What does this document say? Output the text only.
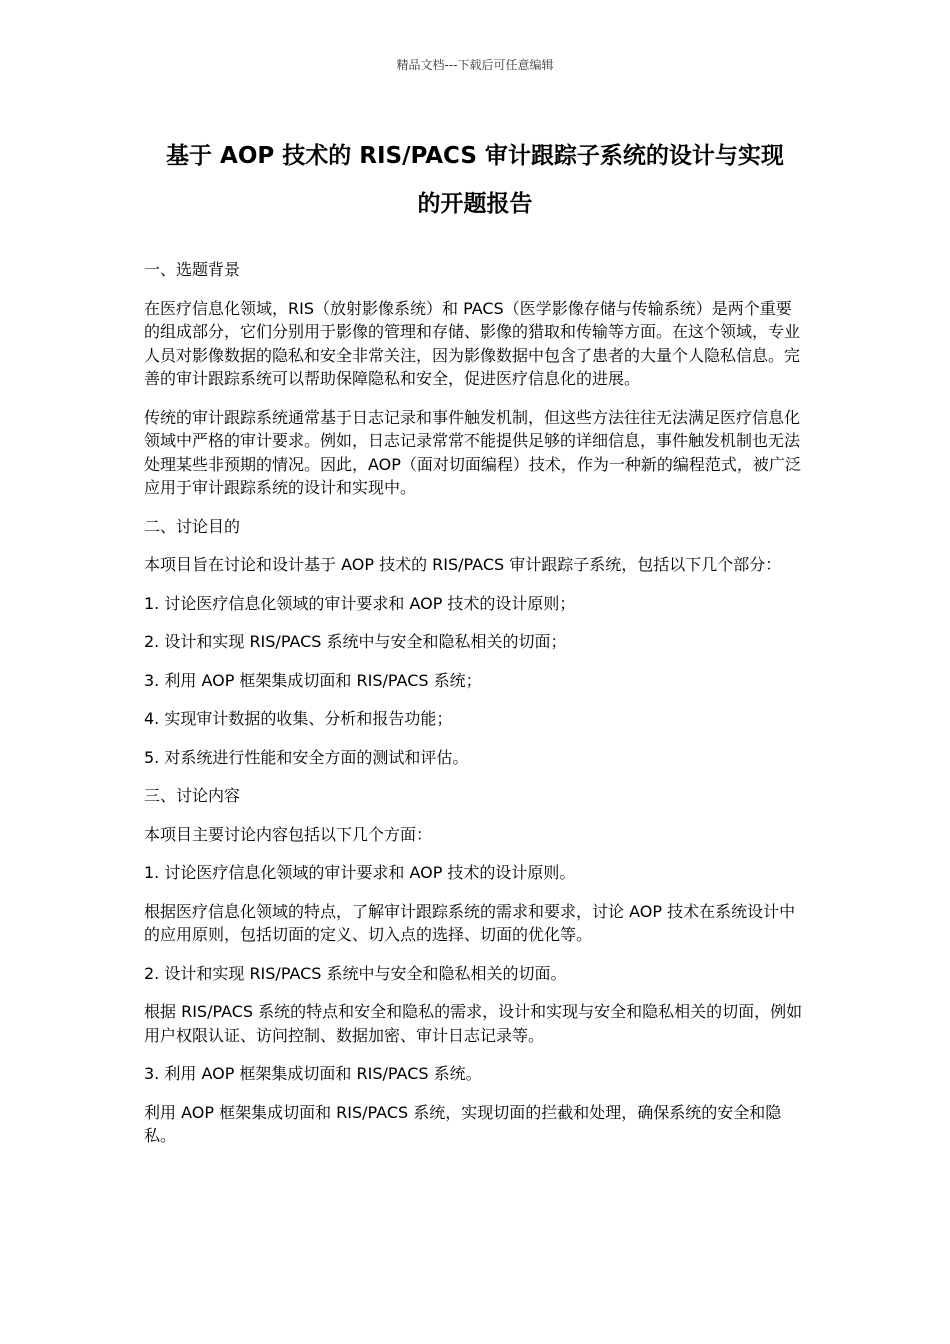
精品文档---下载后可任意编辑
基于 AOP 技术的 RIS/PACS 审计跟踪子系统的设计与实现
的开题报告

一、选题背景

在医疗信息化领域，RIS（放射影像系统）和 PACS（医学影像存储与传输系统）是两个重要的组成部分，它们分别用于影像的管理和存储、影像的猎取和传输等方面。在这个领域，专业人员对影像数据的隐私和安全非常关注，因为影像数据中包含了患者的大量个人隐私信息。完善的审计跟踪系统可以帮助保障隐私和安全，促进医疗信息化的进展。

传统的审计跟踪系统通常基于日志记录和事件触发机制，但这些方法往往无法满足医疗信息化领域中严格的审计要求。例如，日志记录常常不能提供足够的详细信息，事件触发机制也无法处理某些非预期的情况。因此，AOP（面对切面编程）技术，作为一种新的编程范式，被广泛应用于审计跟踪系统的设计和实现中。

二、讨论目的

本项目旨在讨论和设计基于 AOP 技术的 RIS/PACS 审计跟踪子系统，包括以下几个部分：

1. 讨论医疗信息化领域的审计要求和 AOP 技术的设计原则；

2. 设计和实现 RIS/PACS 系统中与安全和隐私相关的切面；

3. 利用 AOP 框架集成切面和 RIS/PACS 系统；

4. 实现审计数据的收集、分析和报告功能；

5. 对系统进行性能和安全方面的测试和评估。

三、讨论内容

本项目主要讨论内容包括以下几个方面：

1. 讨论医疗信息化领域的审计要求和 AOP 技术的设计原则。

根据医疗信息化领域的特点，了解审计跟踪系统的需求和要求，讨论 AOP 技术在系统设计中的应用原则，包括切面的定义、切入点的选择、切面的优化等。

2. 设计和实现 RIS/PACS 系统中与安全和隐私相关的切面。

根据 RIS/PACS 系统的特点和安全和隐私的需求，设计和实现与安全和隐私相关的切面，例如用户权限认证、访问控制、数据加密、审计日志记录等。

3. 利用 AOP 框架集成切面和 RIS/PACS 系统。

利用 AOP 框架集成切面和 RIS/PACS 系统，实现切面的拦截和处理，确保系统的安全和隐私。
